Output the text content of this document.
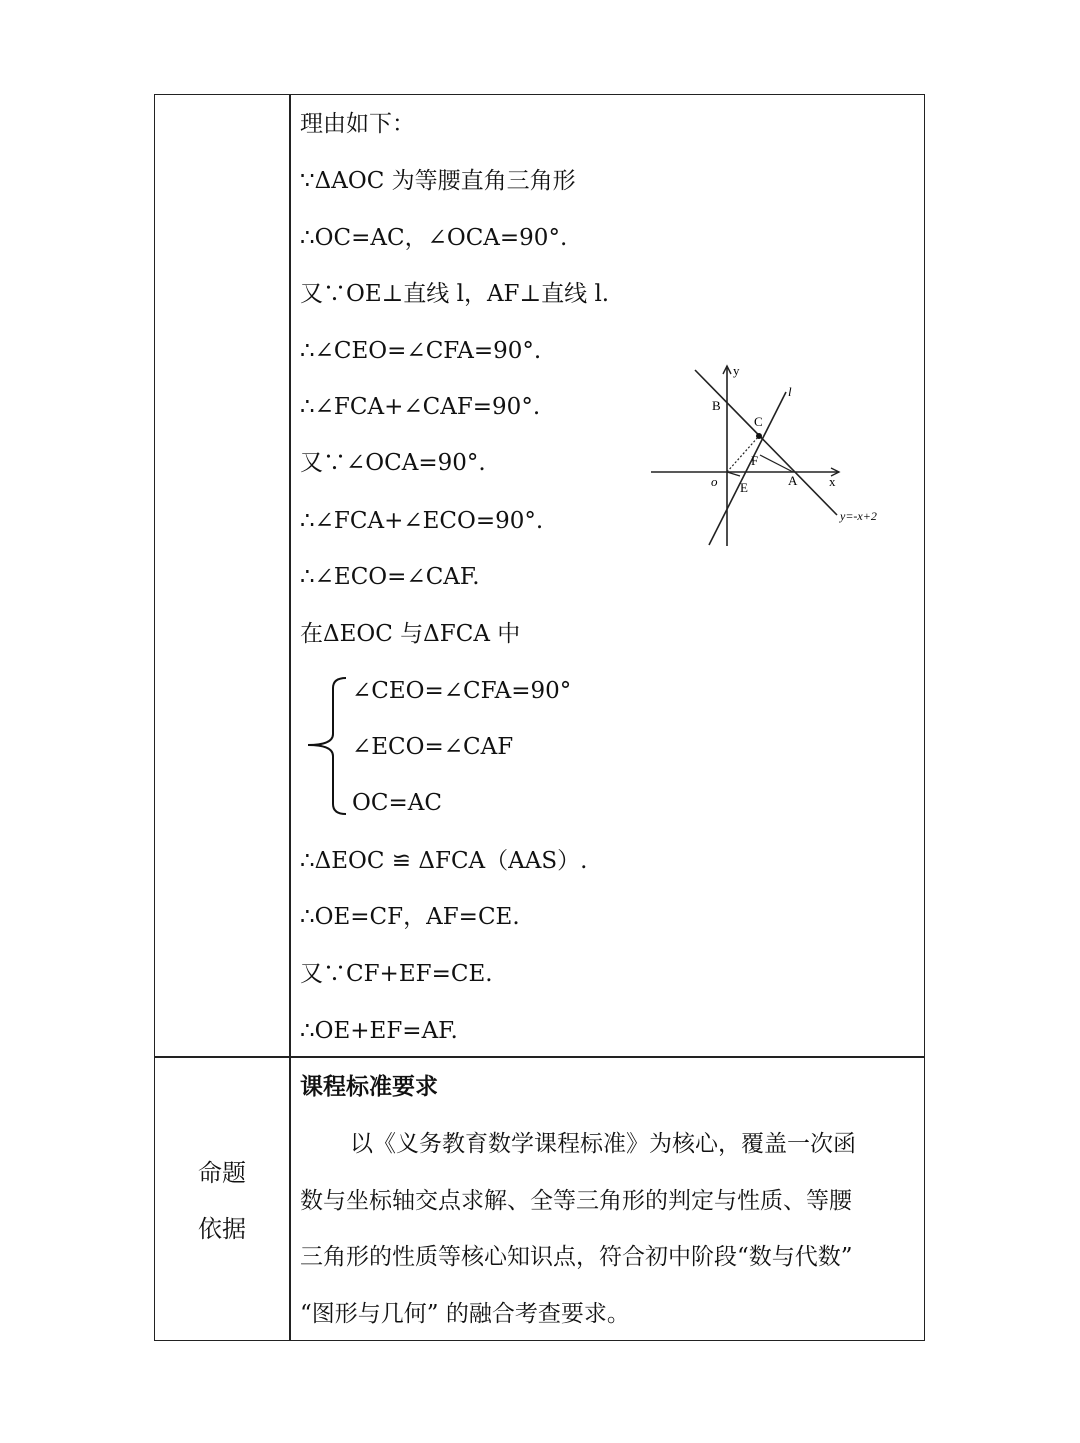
理由如下：
∵ΔAOC 为等腰直角三角形
∴OC=AC，∠OCA=90°.
又∵OE⊥直线 l，AF⊥直线 l.
∴∠CEO=∠CFA=90°.
∴∠FCA+∠CAF=90°.
又∵∠OCA=90°.
∴∠FCA+∠ECO=90°.
∴∠ECO=∠CAF.
在ΔEOC 与ΔFCA 中
∠CEO=∠CFA=90°
∠ECO=∠CAF
OC=AC
∴ΔEOC ≌ ΔFCA（AAS）.
∴OE=CF，AF=CE.
又∵CF+EF=CE.
∴OE+EF=AF.
y
x
o
B
C
F
E	A
l
y=-x+2
命题
依据
课程标准要求
以《义务教育数学课程标准》为核心，覆盖一次函
数与坐标轴交点求解、全等三角形的判定与性质、等腰
三角形的性质等核心知识点，符合初中阶段“数与代数”
“图形与几何” 的融合考查要求。
